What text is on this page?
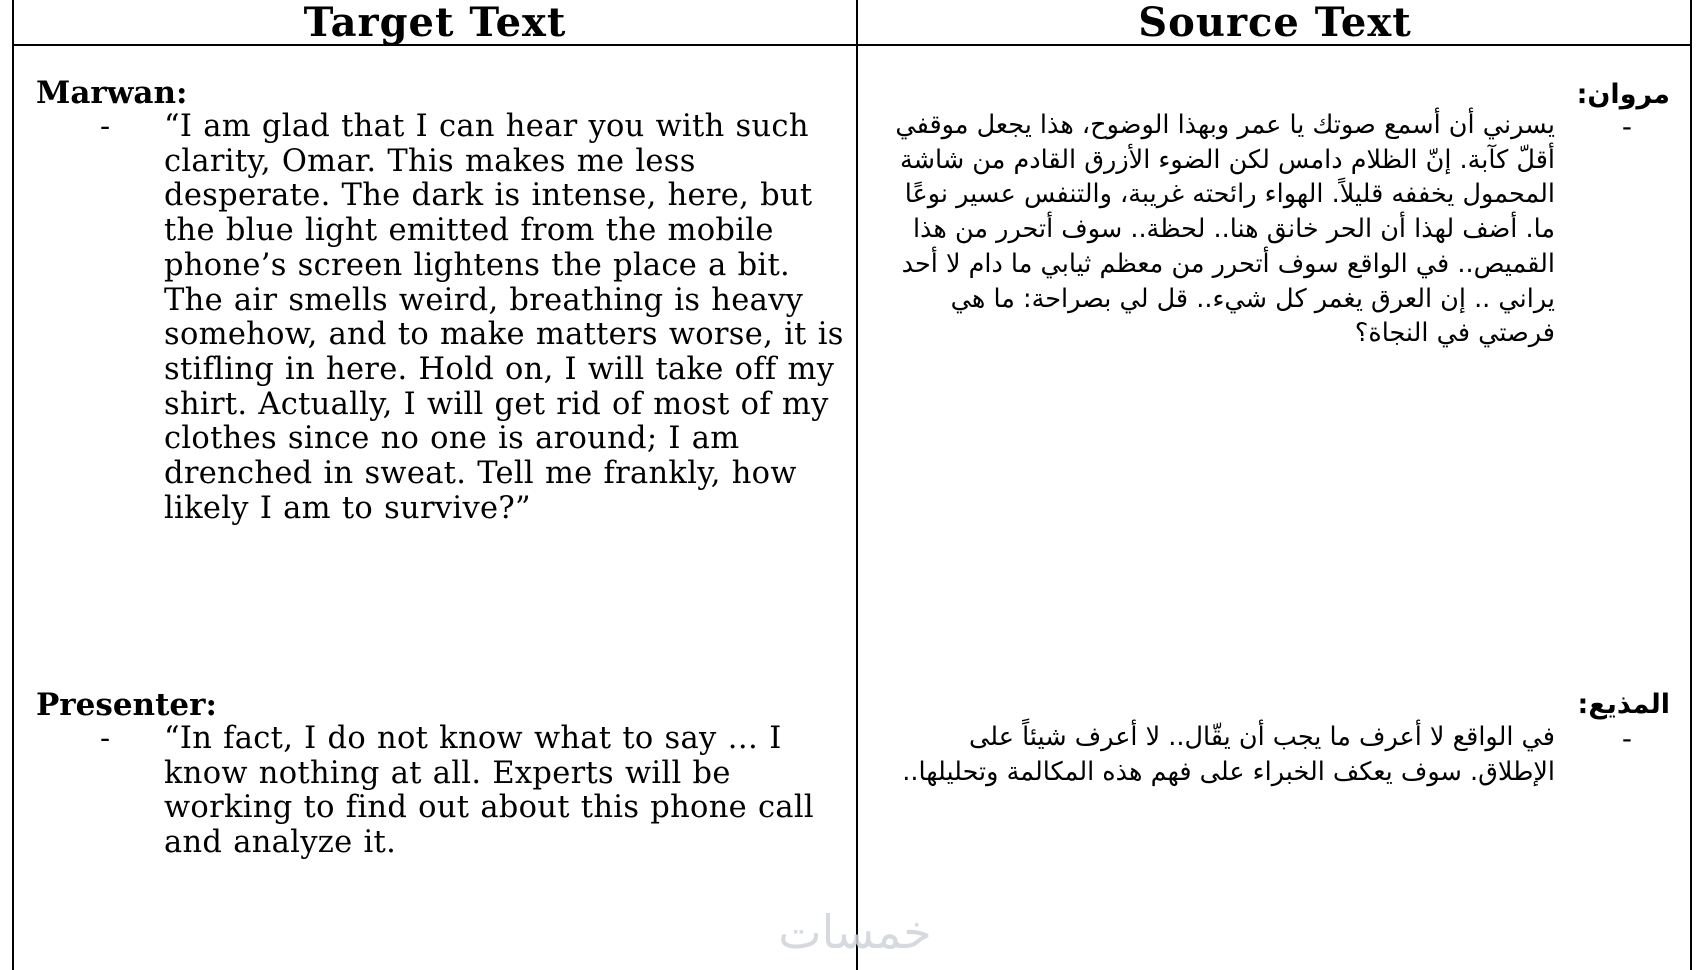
Target Text	Source Text
Marwan:
- “I am glad that I can hear you with such clarity, Omar. This makes me less desperate. The dark is intense, here, but the blue light emitted from the mobile phone’s screen lightens the place a bit. The air smells weird, breathing is heavy somehow, and to make matters worse, it is stifling in here. Hold on, I will take off my shirt. Actually, I will get rid of most of my clothes since no one is around; I am drenched in sweat. Tell me frankly, how likely I am to survive?”
مروان:
-
يسرني أن أسمع صوتك يا عمر وبهذا الوضوح، هذا يجعل موقفي أقلّ كآبة. إنّ الظلام دامس لكن الضوء الأزرق القادم من شاشة المحمول يخففه قليلاً. الهواء رائحته غريبة، والتنفس عسير نوعًا ما. أضف لهذا أن الحر خانق هنا.. لحظة.. سوف أتحرر من هذا القميص.. في الواقع سوف أتحرر من معظم ثيابي ما دام لا أحد يراني .. إن العرق يغمر كل شيء.. قل لي بصراحة: ما هي فرصتي في النجاة؟
Presenter:
- “In fact, I do not know what to say … I know nothing at all. Experts will be working to find out about this phone call and analyze it.
المذيع:
-
في الواقع لا أعرف ما يجب أن يقّال.. لا أعرف شيئاً على الإطلاق. سوف يعكف الخبراء على فهم هذه المكالمة وتحليلها..
خمسات
